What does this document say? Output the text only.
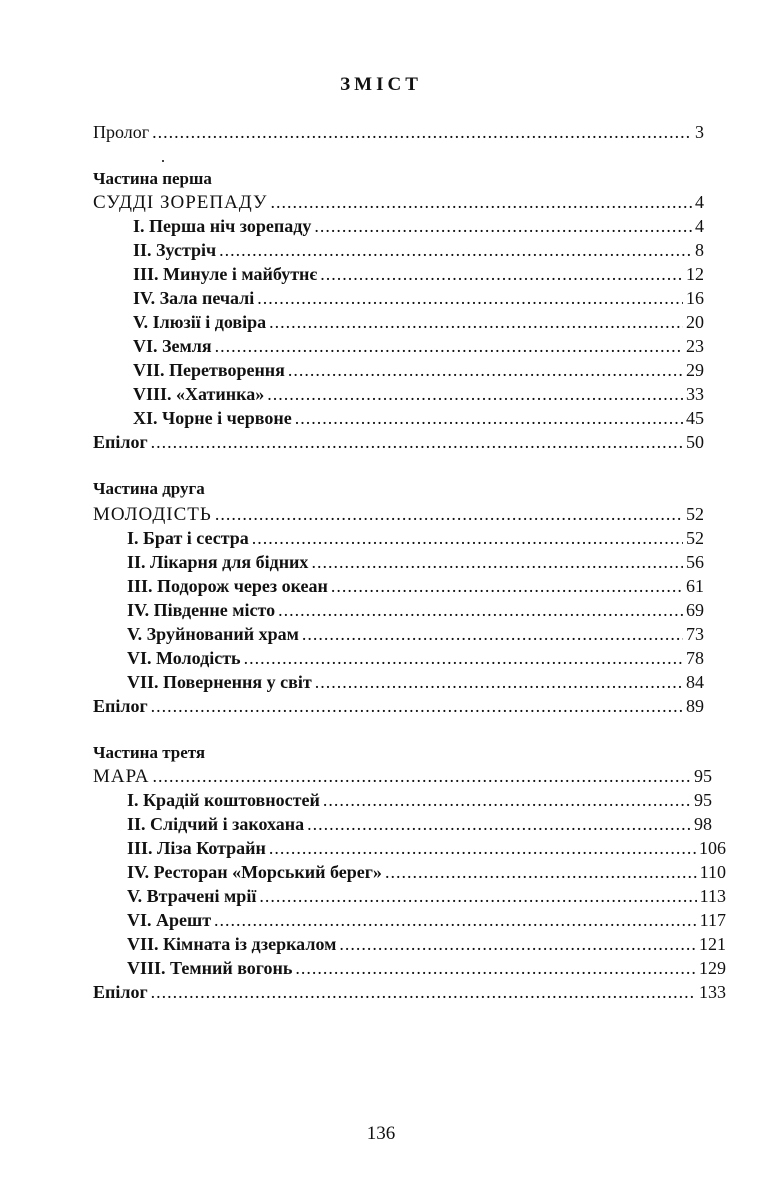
ЗМІСТ
Пролог .....	3
Частина перша
СУДДІ ЗОРЕПАДУ .....	4
I. Перша ніч зорепаду .....	4
II. Зустріч .....	8
III. Минуле і майбутнє .....	12
IV. Зала печалі .....	16
V. Ілюзії і довіра .....	20
VI. Земля .....	23
VII. Перетворення .....	29
VIII. «Хатинка» .....	33
XI. Чорне і червоне .....	45
Епілог .....	50
Частина друга
МОЛОДІСТЬ .....	52
I. Брат і сестра .....	52
II. Лікарня для бідних .....	56
III. Подорож через океан .....	61
IV. Південне місто .....	69
V. Зруйнований храм .....	73
VI. Молодість .....	78
VII. Повернення у світ .....	84
Епілог .....	89
Частина третя
МАРА .....	95
I. Крадій коштовностей .....	95
II. Слідчий і закохана .....	98
III. Ліза Котрайн .....	106
IV. Ресторан «Морський берег» .....	110
V. Втрачені мрії .....	113
VI. Арешт .....	117
VII. Кімната із дзеркалом .....	121
VIII. Темний вогонь .....	129
Епілог .....	133
136
